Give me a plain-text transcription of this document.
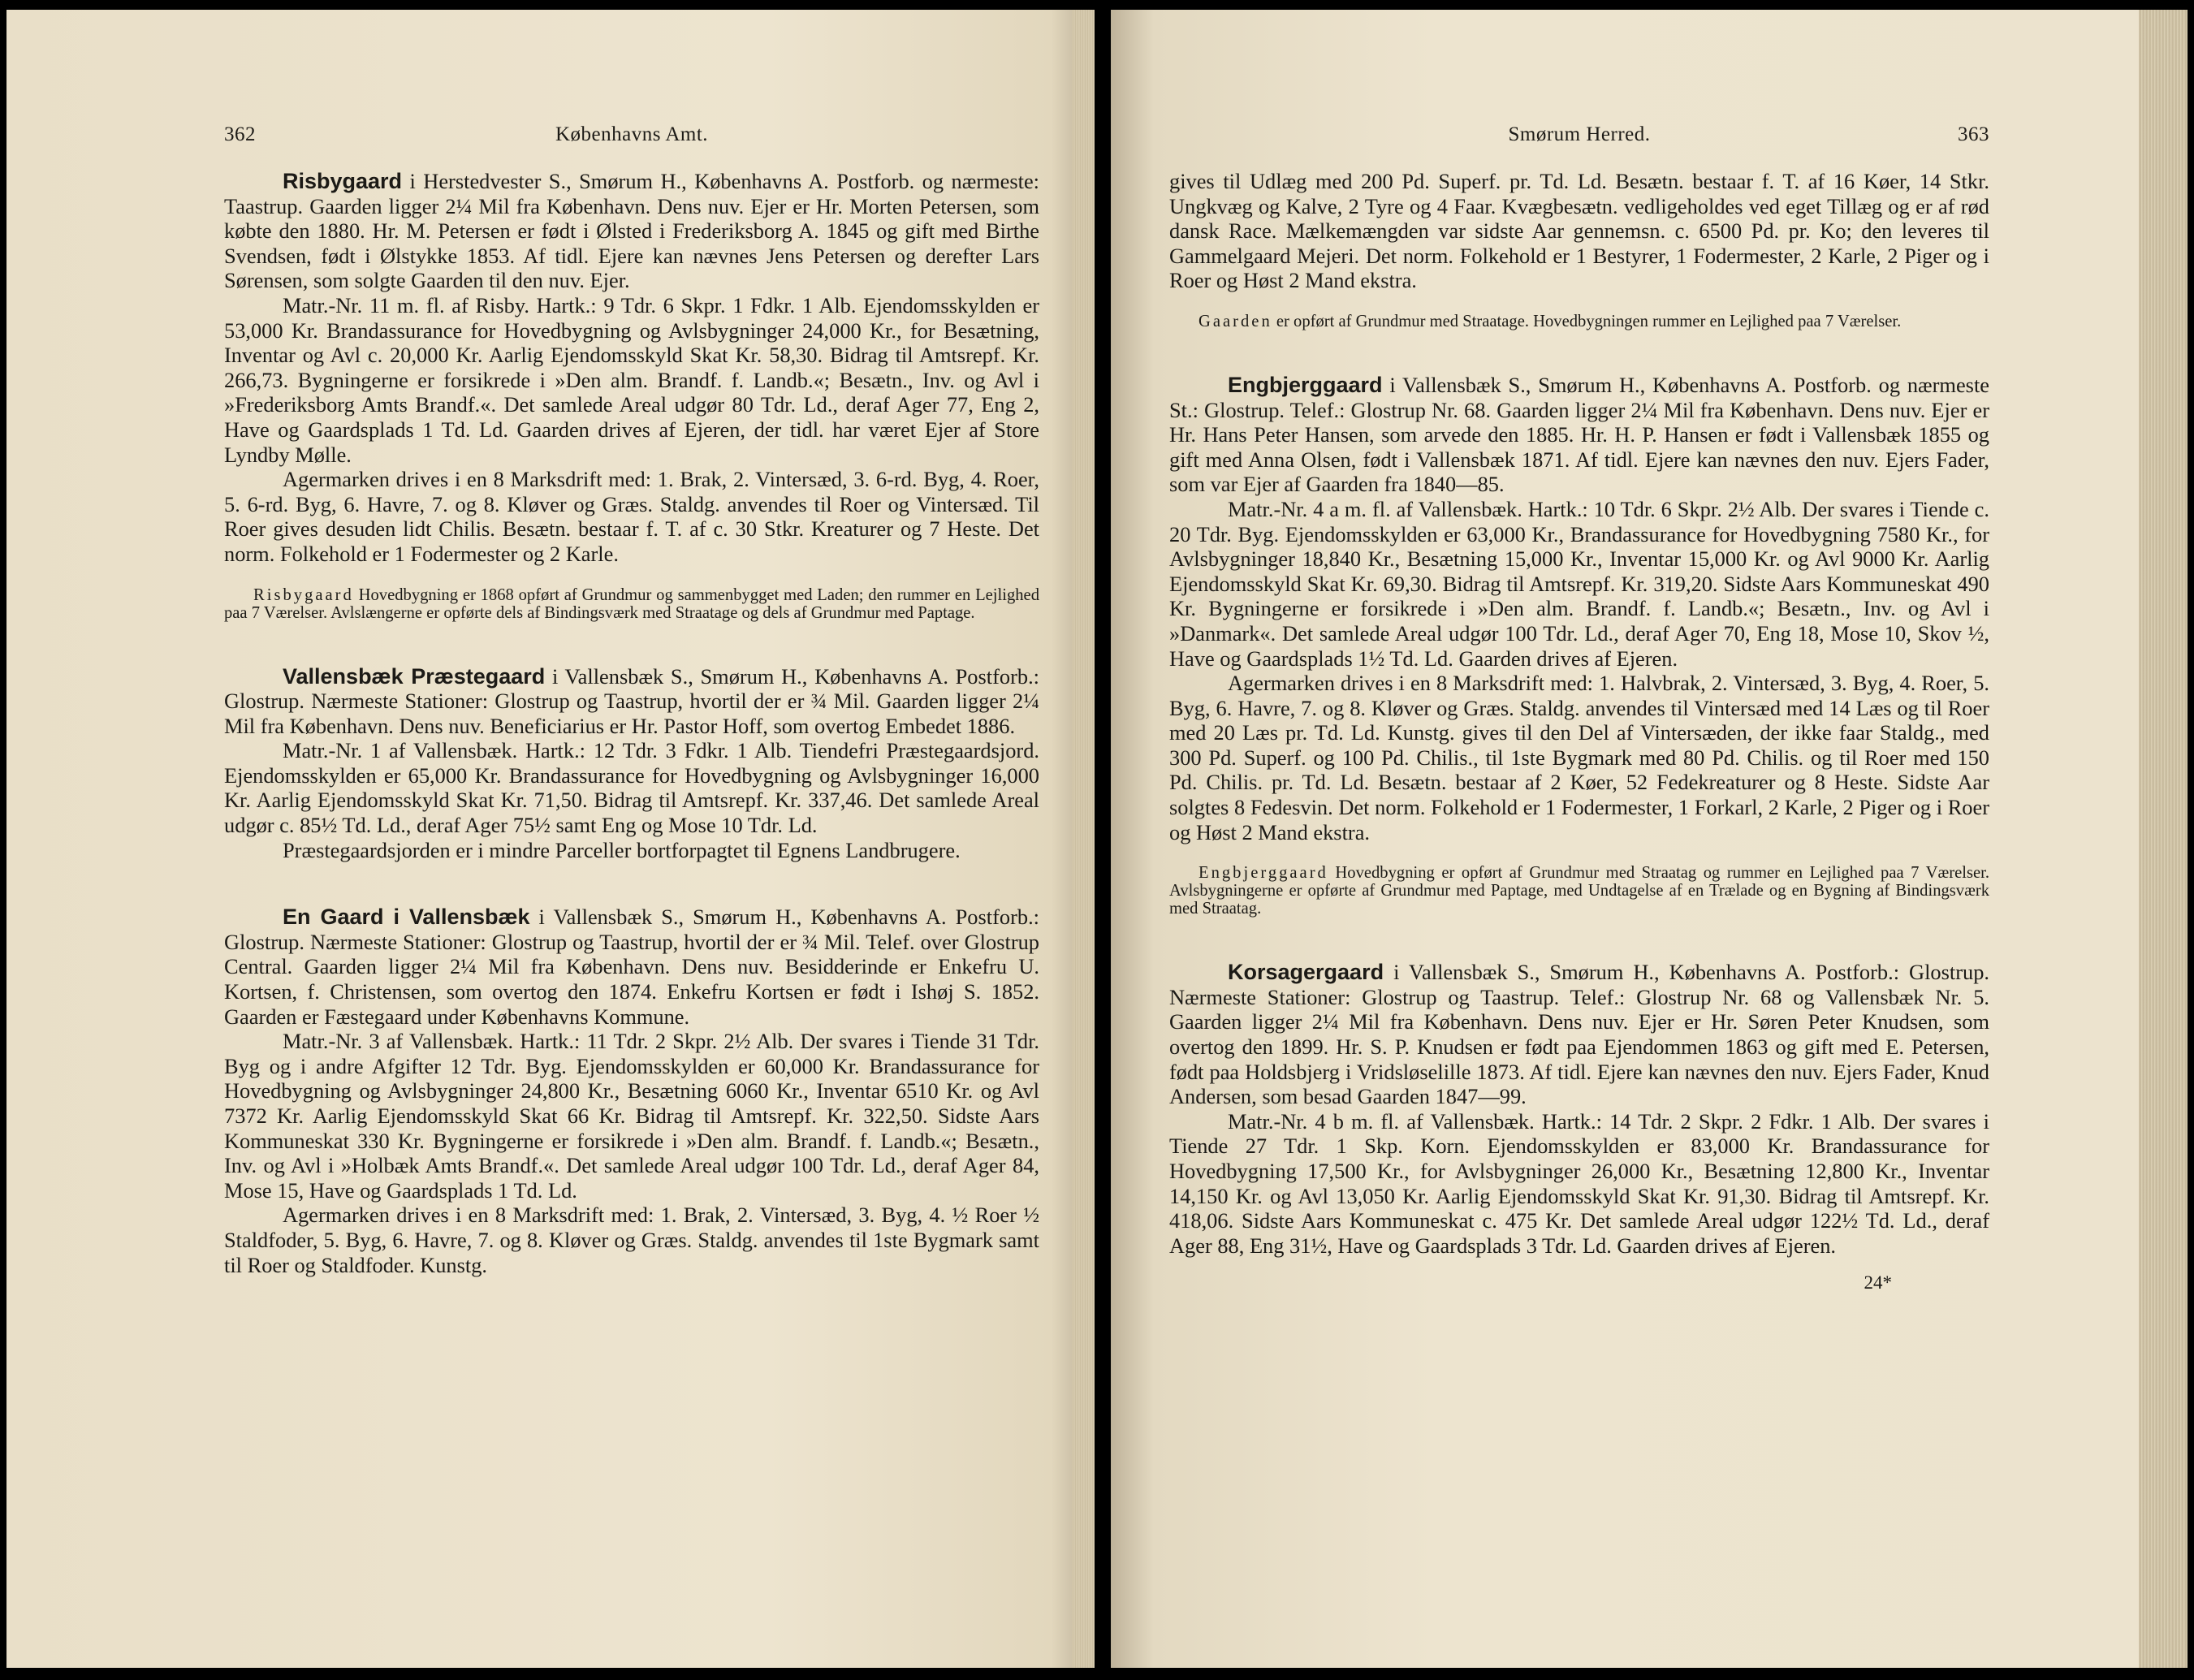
362	Københavns Amt.

Risbygaard i Herstedvester S., Smørum H., Københavns A. Postforb. og nærmeste: Taastrup. Gaarden ligger 2¼ Mil fra København. Dens nuv. Ejer er Hr. Morten Petersen, som købte den 1880. Hr. M. Petersen er født i Ølsted i Frederiksborg A. 1845 og gift med Birthe Svendsen, født i Ølstykke 1853. Af tidl. Ejere kan nævnes Jens Petersen og derefter Lars Sørensen, som solgte Gaarden til den nuv. Ejer.

Matr.-Nr. 11 m. fl. af Risby. Hartk.: 9 Tdr. 6 Skpr. 1 Fdkr. 1 Alb. Ejendomsskylden er 53,000 Kr. Brandassurance for Hovedbygning og Avlsbygninger 24,000 Kr., for Besætning, Inventar og Avl c. 20,000 Kr. Aarlig Ejendomsskyld Skat Kr. 58,30. Bidrag til Amtsrepf. Kr. 266,73. Bygningerne er forsikrede i »Den alm. Brandf. f. Landb.«; Besætn., Inv. og Avl i »Frederiksborg Amts Brandf.«. Det samlede Areal udgør 80 Tdr. Ld., deraf Ager 77, Eng 2, Have og Gaardsplads 1 Td. Ld. Gaarden drives af Ejeren, der tidl. har været Ejer af Store Lyndby Mølle.

Agermarken drives i en 8 Marksdrift med: 1. Brak, 2. Vintersæd, 3. 6-rd. Byg, 4. Roer, 5. 6-rd. Byg, 6. Havre, 7. og 8. Kløver og Græs. Staldg. anvendes til Roer og Vintersæd. Til Roer gives desuden lidt Chilis. Besætn. bestaar f. T. af c. 30 Stkr. Kreaturer og 7 Heste. Det norm. Folkehold er 1 Fodermester og 2 Karle.

Risbygaard Hovedbygning er 1868 opført af Grundmur og sammenbygget med Laden; den rummer en Lejlighed paa 7 Værelser. Avlslængerne er opførte dels af Bindingsværk med Straatage og dels af Grundmur med Paptage.

Vallensbæk Præstegaard i Vallensbæk S., Smørum H., Københavns A. Postforb.: Glostrup. Nærmeste Stationer: Glostrup og Taastrup, hvortil der er ¾ Mil. Gaarden ligger 2¼ Mil fra København. Dens nuv. Beneficiarius er Hr. Pastor Hoff, som overtog Embedet 1886.

Matr.-Nr. 1 af Vallensbæk. Hartk.: 12 Tdr. 3 Fdkr. 1 Alb. Tiendefri Præstegaardsjord. Ejendomsskylden er 65,000 Kr. Brandassurance for Hovedbygning og Avlsbygninger 16,000 Kr. Aarlig Ejendomsskyld Skat Kr. 71,50. Bidrag til Amtsrepf. Kr. 337,46. Det samlede Areal udgør c. 85½ Td. Ld., deraf Ager 75½ samt Eng og Mose 10 Tdr. Ld.

Præstegaardsjorden er i mindre Parceller bortforpagtet til Egnens Landbrugere.

En Gaard i Vallensbæk i Vallensbæk S., Smørum H., Københavns A. Postforb.: Glostrup. Nærmeste Stationer: Glostrup og Taastrup, hvortil der er ¾ Mil. Telef. over Glostrup Central. Gaarden ligger 2¼ Mil fra København. Dens nuv. Besidderinde er Enkefru U. Kortsen, f. Christensen, som overtog den 1874. Enkefru Kortsen er født i Ishøj S. 1852. Gaarden er Fæstegaard under Københavns Kommune.

Matr.-Nr. 3 af Vallensbæk. Hartk.: 11 Tdr. 2 Skpr. 2½ Alb. Der svares i Tiende 31 Tdr. Byg og i andre Afgifter 12 Tdr. Byg. Ejendomsskylden er 60,000 Kr. Brandassurance for Hovedbygning og Avlsbygninger 24,800 Kr., Besætning 6060 Kr., Inventar 6510 Kr. og Avl 7372 Kr. Aarlig Ejendomsskyld Skat 66 Kr. Bidrag til Amtsrepf. Kr. 322,50. Sidste Aars Kommuneskat 330 Kr. Bygningerne er forsikrede i »Den alm. Brandf. f. Landb.«; Besætn., Inv. og Avl i »Holbæk Amts Brandf.«. Det samlede Areal udgør 100 Tdr. Ld., deraf Ager 84, Mose 15, Have og Gaardsplads 1 Td. Ld.

Agermarken drives i en 8 Marksdrift med: 1. Brak, 2. Vintersæd, 3. Byg, 4. ½ Roer ½ Staldfoder, 5. Byg, 6. Havre, 7. og 8. Kløver og Græs. Staldg. anvendes til 1ste Bygmark samt til Roer og Staldfoder. Kunstg.

Smørum Herred.	363

gives til Udlæg med 200 Pd. Superf. pr. Td. Ld. Besætn. bestaar f. T. af 16 Køer, 14 Stkr. Ungkvæg og Kalve, 2 Tyre og 4 Faar. Kvægbesætn. vedligeholdes ved eget Tillæg og er af rød dansk Race. Mælkemængden var sidste Aar gennemsn. c. 6500 Pd. pr. Ko; den leveres til Gammelgaard Mejeri. Det norm. Folkehold er 1 Bestyrer, 1 Fodermester, 2 Karle, 2 Piger og i Roer og Høst 2 Mand ekstra.

Gaarden er opført af Grundmur med Straatage. Hovedbygningen rummer en Lejlighed paa 7 Værelser.

Engbjerggaard i Vallensbæk S., Smørum H., Københavns A. Postforb. og nærmeste St.: Glostrup. Telef.: Glostrup Nr. 68. Gaarden ligger 2¼ Mil fra København. Dens nuv. Ejer er Hr. Hans Peter Hansen, som arvede den 1885. Hr. H. P. Hansen er født i Vallensbæk 1855 og gift med Anna Olsen, født i Vallensbæk 1871. Af tidl. Ejere kan nævnes den nuv. Ejers Fader, som var Ejer af Gaarden fra 1840—85.

Matr.-Nr. 4 a m. fl. af Vallensbæk. Hartk.: 10 Tdr. 6 Skpr. 2½ Alb. Der svares i Tiende c. 20 Tdr. Byg. Ejendomsskylden er 63,000 Kr., Brandassurance for Hovedbygning 7580 Kr., for Avlsbygninger 18,840 Kr., Besætning 15,000 Kr., Inventar 15,000 Kr. og Avl 9000 Kr. Aarlig Ejendomsskyld Skat Kr. 69,30. Bidrag til Amtsrepf. Kr. 319,20. Sidste Aars Kommuneskat 490 Kr. Bygningerne er forsikrede i »Den alm. Brandf. f. Landb.«; Besætn., Inv. og Avl i »Danmark«. Det samlede Areal udgør 100 Tdr. Ld., deraf Ager 70, Eng 18, Mose 10, Skov ½, Have og Gaardsplads 1½ Td. Ld. Gaarden drives af Ejeren.

Agermarken drives i en 8 Marksdrift med: 1. Halvbrak, 2. Vintersæd, 3. Byg, 4. Roer, 5. Byg, 6. Havre, 7. og 8. Kløver og Græs. Staldg. anvendes til Vintersæd med 14 Læs og til Roer med 20 Læs pr. Td. Ld. Kunstg. gives til den Del af Vintersæden, der ikke faar Staldg., med 300 Pd. Superf. og 100 Pd. Chilis., til 1ste Bygmark med 80 Pd. Chilis. og til Roer med 150 Pd. Chilis. pr. Td. Ld. Besætn. bestaar af 2 Køer, 52 Fedekreaturer og 8 Heste. Sidste Aar solgtes 8 Fedesvin. Det norm. Folkehold er 1 Fodermester, 1 Forkarl, 2 Karle, 2 Piger og i Roer og Høst 2 Mand ekstra.

Engbjerggaard Hovedbygning er opført af Grundmur med Straatag og rummer en Lejlighed paa 7 Værelser. Avlsbygningerne er opførte af Grundmur med Paptage, med Undtagelse af en Trælade og en Bygning af Bindingsværk med Straatag.

Korsagergaard i Vallensbæk S., Smørum H., Københavns A. Postforb.: Glostrup. Nærmeste Stationer: Glostrup og Taastrup. Telef.: Glostrup Nr. 68 og Vallensbæk Nr. 5. Gaarden ligger 2¼ Mil fra København. Dens nuv. Ejer er Hr. Søren Peter Knudsen, som overtog den 1899. Hr. S. P. Knudsen er født paa Ejendommen 1863 og gift med E. Petersen, født paa Holdsbjerg i Vridsløselille 1873. Af tidl. Ejere kan nævnes den nuv. Ejers Fader, Knud Andersen, som besad Gaarden 1847—99.

Matr.-Nr. 4 b m. fl. af Vallensbæk. Hartk.: 14 Tdr. 2 Skpr. 2 Fdkr. 1 Alb. Der svares i Tiende 27 Tdr. 1 Skp. Korn. Ejendomsskylden er 83,000 Kr. Brandassurance for Hovedbygning 17,500 Kr., for Avlsbygninger 26,000 Kr., Besætning 12,800 Kr., Inventar 14,150 Kr. og Avl 13,050 Kr. Aarlig Ejendomsskyld Skat Kr. 91,30. Bidrag til Amtsrepf. Kr. 418,06. Sidste Aars Kommuneskat c. 475 Kr. Det samlede Areal udgør 122½ Td. Ld., deraf Ager 88, Eng 31½, Have og Gaardsplads 3 Tdr. Ld. Gaarden drives af Ejeren.

24*
